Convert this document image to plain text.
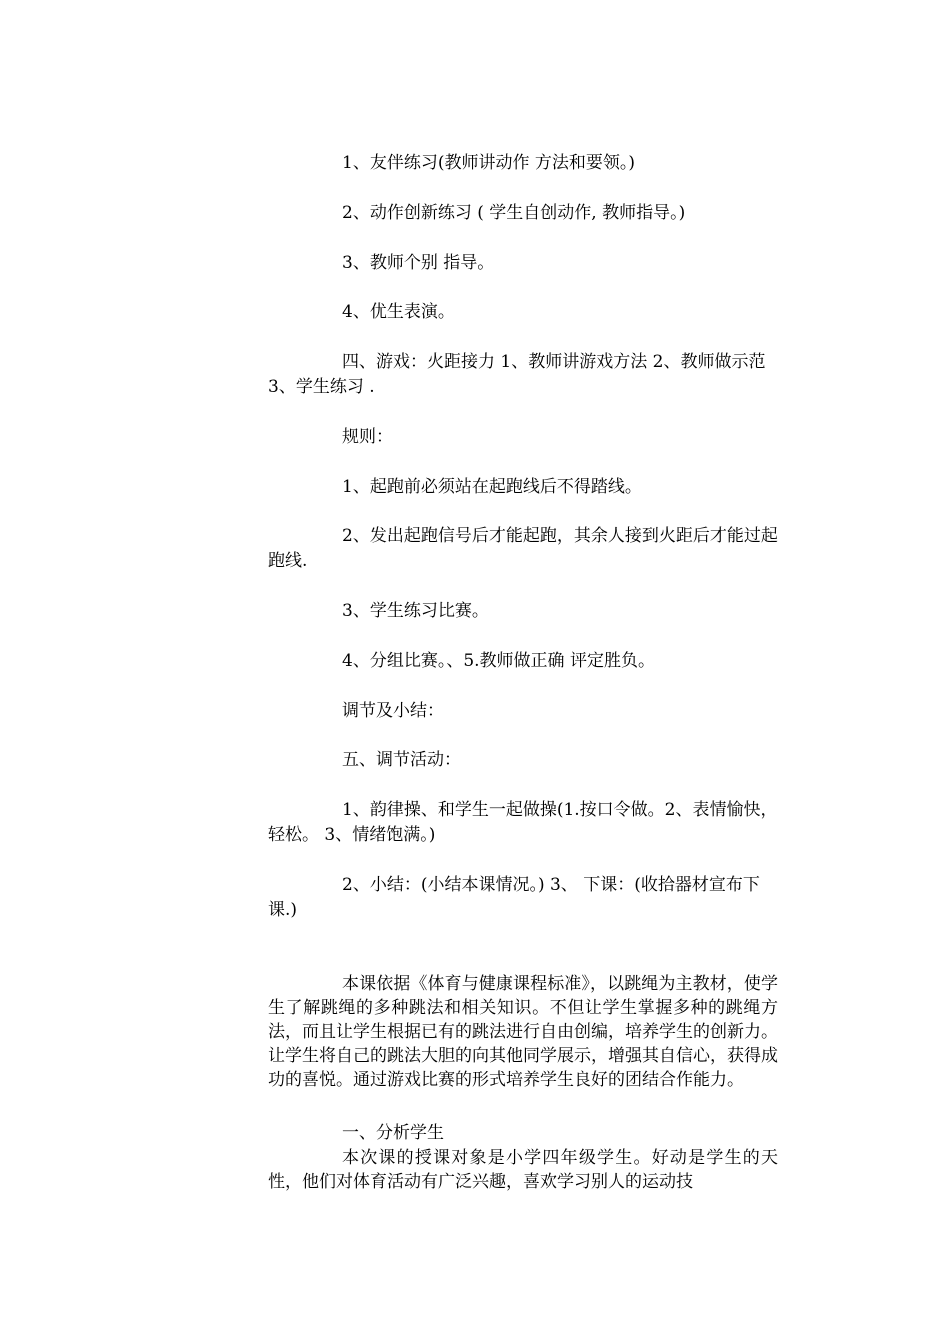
1、友伴练习(教师讲动作 方法和要领。)

2、动作创新练习 ( 学生自创动作, 教师指导。)

3、教师个别 指导。

4、优生表演。

四、游戏：火距接力 1、教师讲游戏方法 2、教师做示范 3、学生练习 .

规则：

1、起跑前必须站在起跑线后不得踏线。

2、发出起跑信号后才能起跑，其余人接到火距后才能过起跑线.

3、学生练习比赛。

4、分组比赛。、5.教师做正确 评定胜负。

调节及小结：

五、调节活动：

1、韵律操、和学生一起做操(1.按口令做。2、表情愉快， 轻松。 3、情绪饱满。)

2、小结：(小结本课情况。) 3、 下课：(收拾器材宣布下课.)

本课依据《体育与健康课程标准》，以跳绳为主教材，使学生了解跳绳的多种跳法和相关知识。不但让学生掌握多种的跳绳方法，而且让学生根据已有的跳法进行自由创编，培养学生的创新力。让学生将自己的跳法大胆的向其他同学展示，增强其自信心，获得成功的喜悦。通过游戏比赛的形式培养学生良好的团结合作能力。

一、分析学生

本次课的授课对象是小学四年级学生。好动是学生的天性，他们对体育活动有广泛兴趣，喜欢学习别人的运动技
